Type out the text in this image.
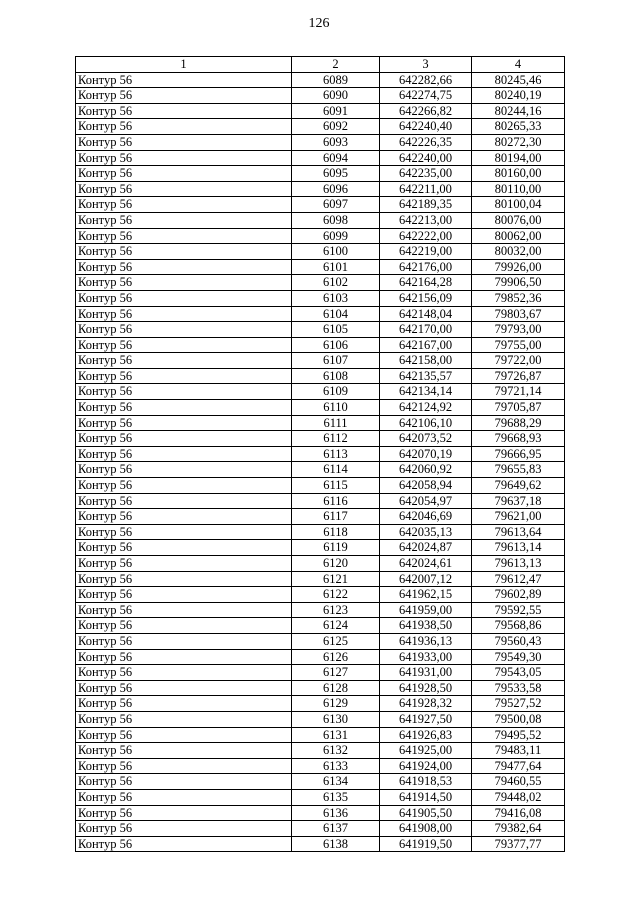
126
1	2	3	4
Контур 56	6089	642282,66	80245,46
Контур 56	6090	642274,75	80240,19
Контур 56	6091	642266,82	80244,16
Контур 56	6092	642240,40	80265,33
Контур 56	6093	642226,35	80272,30
Контур 56	6094	642240,00	80194,00
Контур 56	6095	642235,00	80160,00
Контур 56	6096	642211,00	80110,00
Контур 56	6097	642189,35	80100,04
Контур 56	6098	642213,00	80076,00
Контур 56	6099	642222,00	80062,00
Контур 56	6100	642219,00	80032,00
Контур 56	6101	642176,00	79926,00
Контур 56	6102	642164,28	79906,50
Контур 56	6103	642156,09	79852,36
Контур 56	6104	642148,04	79803,67
Контур 56	6105	642170,00	79793,00
Контур 56	6106	642167,00	79755,00
Контур 56	6107	642158,00	79722,00
Контур 56	6108	642135,57	79726,87
Контур 56	6109	642134,14	79721,14
Контур 56	6110	642124,92	79705,87
Контур 56	6111	642106,10	79688,29
Контур 56	6112	642073,52	79668,93
Контур 56	6113	642070,19	79666,95
Контур 56	6114	642060,92	79655,83
Контур 56	6115	642058,94	79649,62
Контур 56	6116	642054,97	79637,18
Контур 56	6117	642046,69	79621,00
Контур 56	6118	642035,13	79613,64
Контур 56	6119	642024,87	79613,14
Контур 56	6120	642024,61	79613,13
Контур 56	6121	642007,12	79612,47
Контур 56	6122	641962,15	79602,89
Контур 56	6123	641959,00	79592,55
Контур 56	6124	641938,50	79568,86
Контур 56	6125	641936,13	79560,43
Контур 56	6126	641933,00	79549,30
Контур 56	6127	641931,00	79543,05
Контур 56	6128	641928,50	79533,58
Контур 56	6129	641928,32	79527,52
Контур 56	6130	641927,50	79500,08
Контур 56	6131	641926,83	79495,52
Контур 56	6132	641925,00	79483,11
Контур 56	6133	641924,00	79477,64
Контур 56	6134	641918,53	79460,55
Контур 56	6135	641914,50	79448,02
Контур 56	6136	641905,50	79416,08
Контур 56	6137	641908,00	79382,64
Контур 56	6138	641919,50	79377,77
